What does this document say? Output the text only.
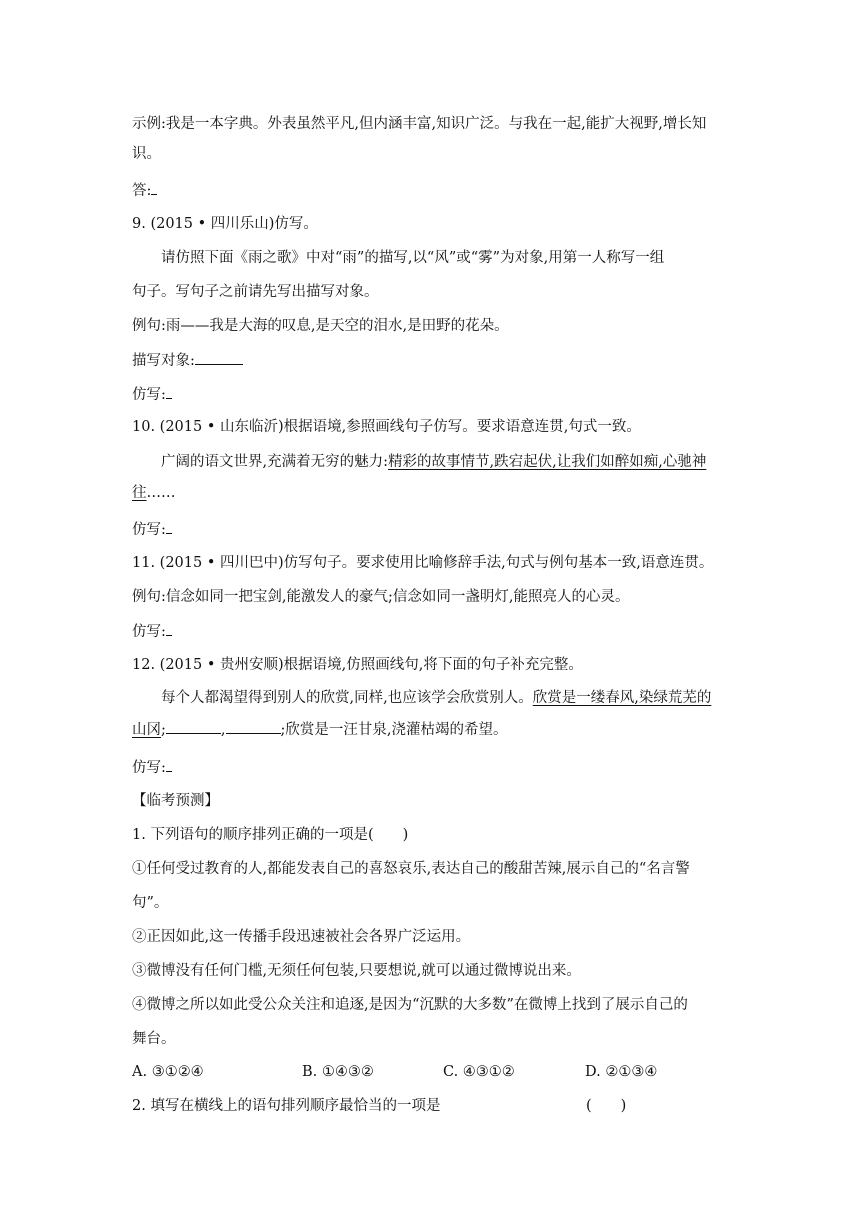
示例:我是一本字典。外表虽然平凡,但内涵丰富,知识广泛。与我在一起,能扩大视野,增长知
识。
答:
9. (2015 • 四川乐山)仿写。
请仿照下面《雨之歌》中对“雨”的描写,以“风”或“雾”为对象,用第一人称写一组
句子。写句子之前请先写出描写对象。
例句:雨——我是大海的叹息,是天空的泪水,是田野的花朵。
描写对象:
仿写:
10. (2015 • 山东临沂)根据语境,参照画线句子仿写。要求语意连贯,句式一致。
广阔的语文世界,充满着无穷的魅力:精彩的故事情节,跌宕起伏,让我们如醉如痴,心驰神
往……
仿写:
11. (2015 • 四川巴中)仿写句子。要求使用比喻修辞手法,句式与例句基本一致,语意连贯。
例句:信念如同一把宝剑,能激发人的豪气;信念如同一盏明灯,能照亮人的心灵。
仿写:
12. (2015 • 贵州安顺)根据语境,仿照画线句,将下面的句子补充完整。
每个人都渴望得到别人的欣赏,同样,也应该学会欣赏别人。欣赏是一缕春风,染绿荒芜的
山冈;	,	;欣赏是一汪甘泉,浇灌枯竭的希望。
仿写:
【临考预测】
1. 下列语句的顺序排列正确的一项是(　　)
①任何受过教育的人,都能发表自己的喜怒哀乐,表达自己的酸甜苦辣,展示自己的“名言警
句”。
②正因如此,这一传播手段迅速被社会各界广泛运用。
③微博没有任何门槛,无须任何包装,只要想说,就可以通过微博说出来。
④微博之所以如此受公众关注和追逐,是因为“沉默的大多数”在微博上找到了展示自己的
舞台。
A. ③①②④	B. ①④③②	C. ④③①②	D. ②①③④
2. 填写在横线上的语句排列顺序最恰当的一项是	(　　)
